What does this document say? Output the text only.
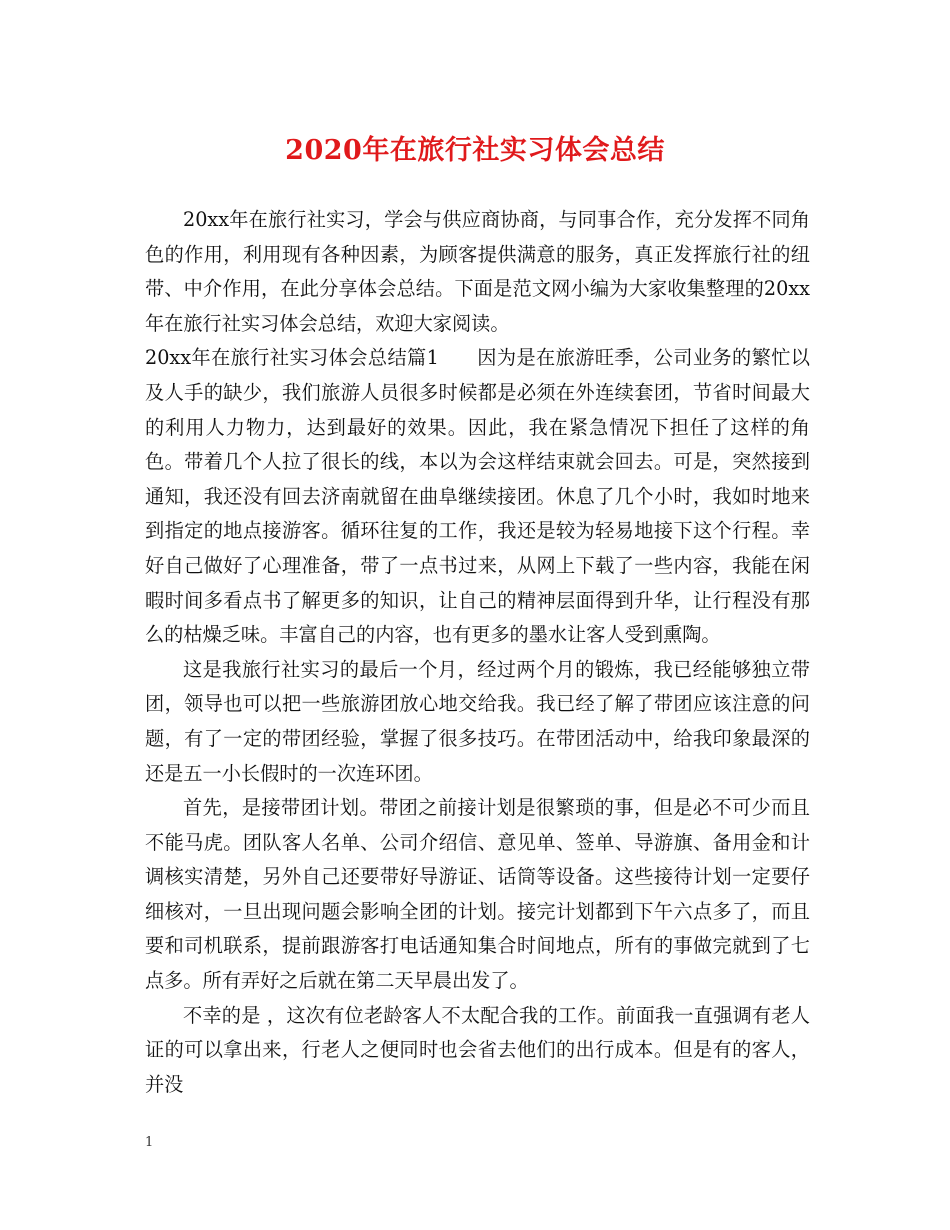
2020年在旅行社实习体会总结

20xx年在旅行社实习，学会与供应商协商，与同事合作，充分发挥不同角色的作用，利用现有各种因素，为顾客提供满意的服务，真正发挥旅行社的纽带、中介作用，在此分享体会总结。下面是范文网小编为大家收集整理的20xx年在旅行社实习体会总结，欢迎大家阅读。

20xx年在旅行社实习体会总结篇1 因为是在旅游旺季，公司业务的繁忙以及人手的缺少，我们旅游人员很多时候都是必须在外连续套团，节省时间最大的利用人力物力，达到最好的效果。因此，我在紧急情况下担任了这样的角色。带着几个人拉了很长的线，本以为会这样结束就会回去。可是，突然接到通知，我还没有回去济南就留在曲阜继续接团。休息了几个小时，我如时地来到指定的地点接游客。循环往复的工作，我还是较为轻易地接下这个行程。幸好自己做好了心理准备，带了一点书过来，从网上下载了一些内容，我能在闲暇时间多看点书了解更多的知识，让自己的精神层面得到升华，让行程没有那么的枯燥乏味。丰富自己的内容，也有更多的墨水让客人受到熏陶。

这是我旅行社实习的最后一个月，经过两个月的锻炼，我已经能够独立带团，领导也可以把一些旅游团放心地交给我。我已经了解了带团应该注意的问题，有了一定的带团经验，掌握了很多技巧。在带团活动中，给我印象最深的还是五一小长假时的一次连环团。

首先，是接带团计划。带团之前接计划是很繁琐的事，但是必不可少而且不能马虎。团队客人名单、公司介绍信、意见单、签单、导游旗、备用金和计调核实清楚，另外自己还要带好导游证、话筒等设备。这些接待计划一定要仔细核对，一旦出现问题会影响全团的计划。接完计划都到下午六点多了，而且要和司机联系，提前跟游客打电话通知集合时间地点，所有的事做完就到了七点多。所有弄好之后就在第二天早晨出发了。

不幸的是 ，这次有位老龄客人不太配合我的工作。前面我一直强调有老人证的可以拿出来，行老人之便同时也会省去他们的出行成本。但是有的客人，并没

1
